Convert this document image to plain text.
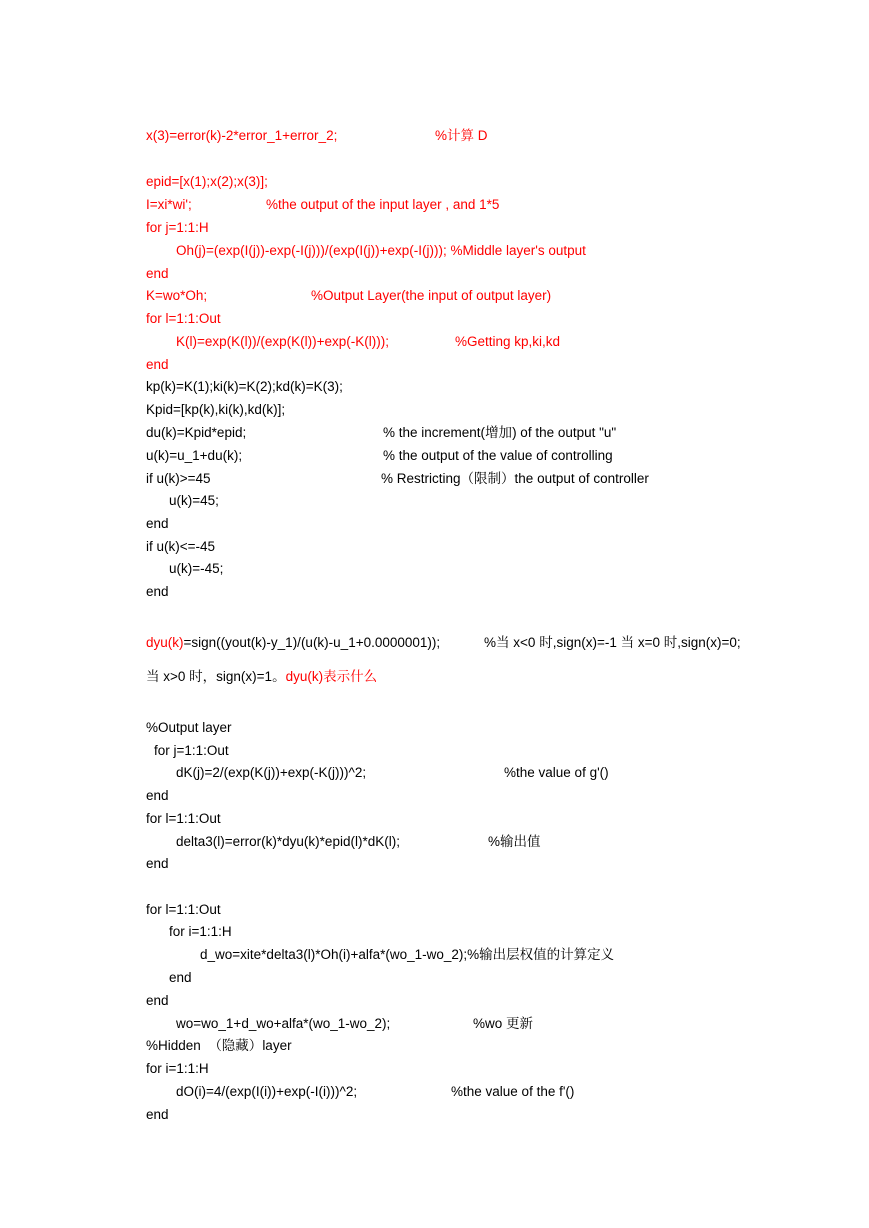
x(3)=error(k)-2*error_1+error_2;
	%计算 D

epid=[x(1);x(2);x(3)];

I=xi*wi';
	%the output of the input layer , and 1*5

for j=1:1:H

Oh(j)=(exp(I(j))-exp(-I(j)))/(exp(I(j))+exp(-I(j))); %Middle layer's output

end

K=wo*Oh;
	%Output Layer(the input of output layer)

for l=1:1:Out

K(l)=exp(K(l))/(exp(K(l))+exp(-K(l)));
	%Getting kp,ki,kd

end

kp(k)=K(1);ki(k)=K(2);kd(k)=K(3);

Kpid=[kp(k),ki(k),kd(k)];

du(k)=Kpid*epid;
	% the increment(增加) of the output "u"

u(k)=u_1+du(k);
	% the output of the value of controlling

if u(k)>=45
	% Restricting（限制）the output of controller

u(k)=45;

end

if u(k)<=-45

u(k)=-45;

end

dyu(k)=sign((yout(k)-y_1)/(u(k)-u_1+0.0000001));
	%当 x<0 时,sign(x)=-1 当 x=0 时,sign(x)=0;

当 x>0 时，sign(x)=1。dyu(k)表示什么

%Output layer

for j=1:1:Out

dK(j)=2/(exp(K(j))+exp(-K(j)))^2;
	%the value of g'()

end

for l=1:1:Out

delta3(l)=error(k)*dyu(k)*epid(l)*dK(l);
	%输出值

end

for l=1:1:Out

for i=1:1:H

d_wo=xite*delta3(l)*Oh(i)+alfa*(wo_1-wo_2);%输出层权值的计算定义

end

end

wo=wo_1+d_wo+alfa*(wo_1-wo_2);
	%wo 更新

%Hidden  （隐藏）layer

for i=1:1:H

dO(i)=4/(exp(I(i))+exp(-I(i)))^2;
	%the value of the f'()

end
